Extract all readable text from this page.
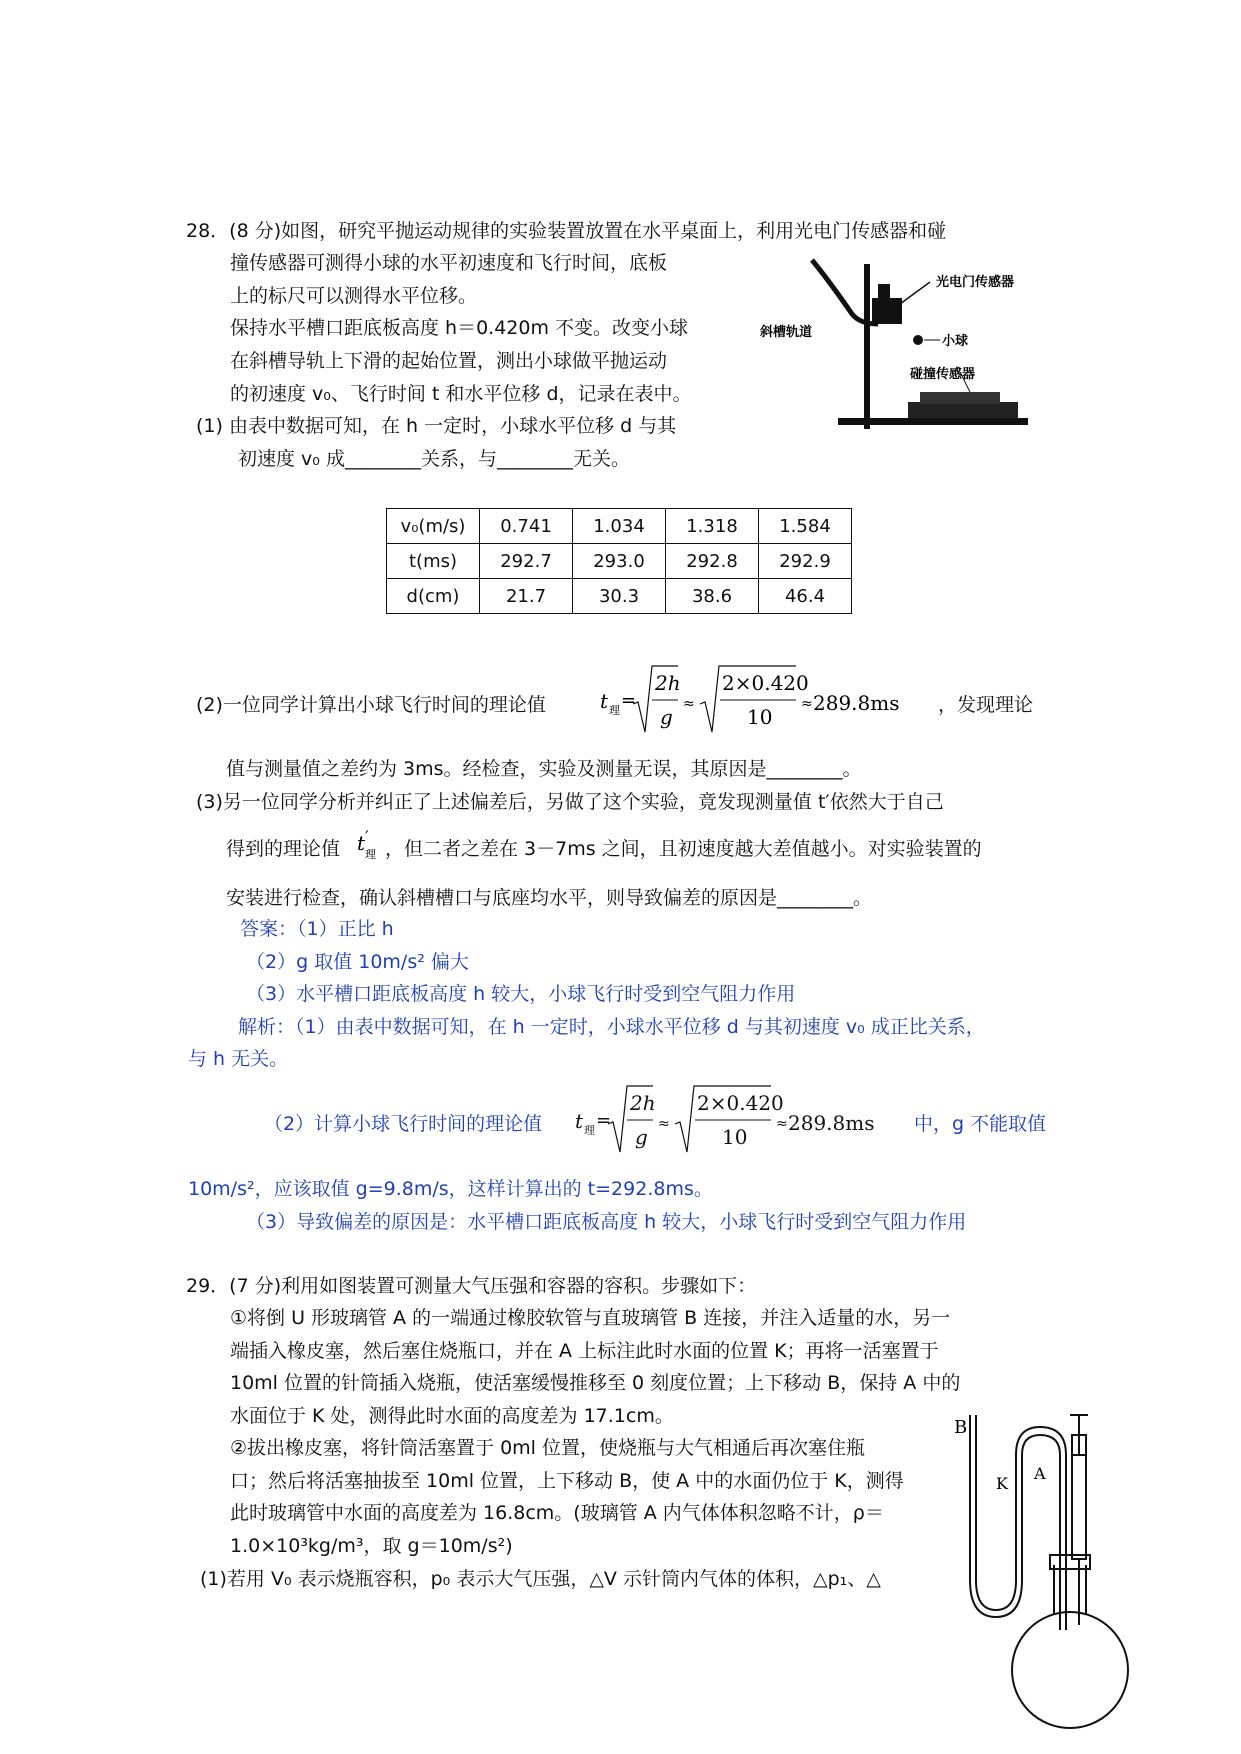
28．(8 分)如图，研究平抛运动规律的实验装置放置在水平桌面上，利用光电门传感器和碰
撞传感器可测得小球的水平初速度和飞行时间，底板
上的标尺可以测得水平位移。
保持水平槽口距底板高度 h＝0.420m 不变。改变小球
在斜槽导轨上下滑的起始位置，测出小球做平抛运动
的初速度 v₀、飞行时间 t 和水平位移 d，记录在表中。
(1) 由表中数据可知，在 h 一定时，小球水平位移 d 与其
初速度 v₀ 成________关系，与________无关。
光电门传感器
斜槽轨道
小球
碰撞传感器
v₀(m/s)	0.741	1.034	1.318	1.584
t(ms)	292.7	293.0	292.8	292.9
d(cm)	21.7	30.3	38.6	46.4
(2)一位同学计算出小球飞行时间的理论值	t 理 =
2h
g
≈
2×0.420
10
≈ 289.8ms ，发现理论
值与测量值之差约为 3ms。经检查，实验及测量无误，其原因是________。
(3)另一位同学分析并纠正了上述偏差后，另做了这个实验，竟发现测量值 t′依然大于自己
得到的理论值 t ′
理 ，但二者之差在 3－7ms 之间，且初速度越大差值越小。对实验装置的
安装进行检查，确认斜槽槽口与底座均水平，则导致偏差的原因是________。
答案：（1）正比 h
（2）g 取值 10m/s² 偏大
（3）水平槽口距底板高度 h 较大，小球飞行时受到空气阻力作用
解析：（1）由表中数据可知，在 h 一定时，小球水平位移 d 与其初速度 v₀ 成正比关系，
与 h 无关。
（2）计算小球飞行时间的理论值 t 理 =
2h
g
≈
2×0.420
10
≈ 289.8ms 中，g 不能取值
10m/s²，应该取值 g=9.8m/s，这样计算出的 t=292.8ms。
（3）导致偏差的原因是：水平槽口距底板高度 h 较大，小球飞行时受到空气阻力作用
29．(7 分)利用如图装置可测量大气压强和容器的容积。步骤如下：
①将倒 U 形玻璃管 A 的一端通过橡胶软管与直玻璃管 B 连接，并注入适量的水，另一
端插入橡皮塞，然后塞住烧瓶口，并在 A 上标注此时水面的位置 K；再将一活塞置于
10ml 位置的针筒插入烧瓶，使活塞缓慢推移至 0 刻度位置；上下移动 B，保持 A 中的
水面位于 K 处，测得此时水面的高度差为 17.1cm。
②拔出橡皮塞，将针筒活塞置于 0ml 位置，使烧瓶与大气相通后再次塞住瓶
口；然后将活塞抽拔至 10ml 位置，上下移动 B，使 A 中的水面仍位于 K，测得
此时玻璃管中水面的高度差为 16.8cm。(玻璃管 A 内气体体积忽略不计，ρ＝
1.0×10³kg/m³，取 g＝10m/s²)
(1)若用 V₀ 表示烧瓶容积，p₀ 表示大气压强，△V 示针筒内气体的体积，△p₁、△
B
K
A
